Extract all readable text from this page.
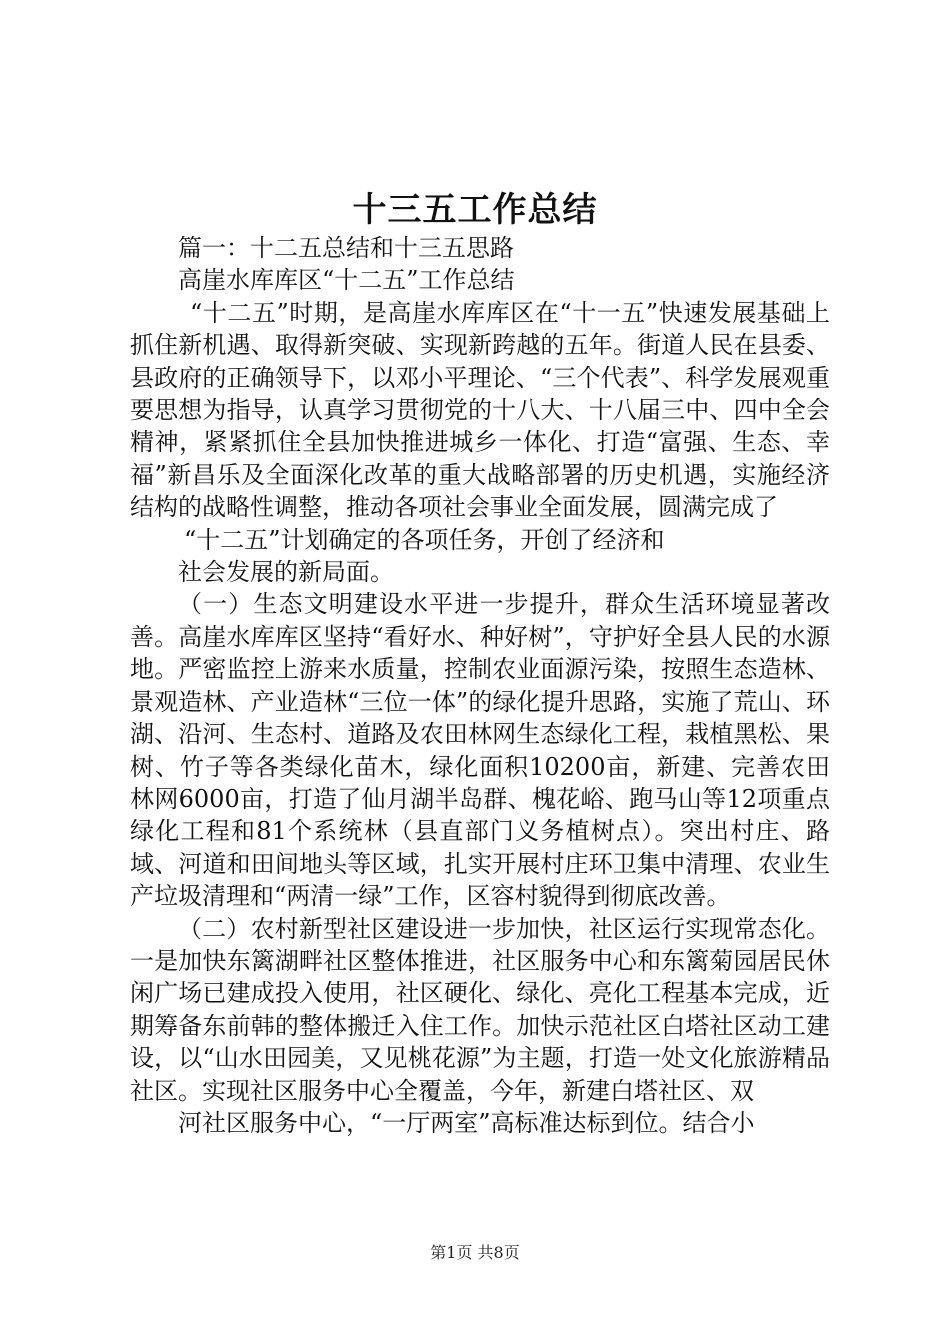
十三五工作总结

篇一：十二五总结和十三五思路

高崖水库库区“十二五”工作总结

“十二五”时期，是高崖水库库区在“十一五”快速发展基础上抓住新机遇、取得新突破、实现新跨越的五年。街道人民在县委、县政府的正确领导下，以邓小平理论、“三个代表”、科学发展观重要思想为指导，认真学习贯彻党的十八大、十八届三中、四中全会精神，紧紧抓住全县加快推进城乡一体化、打造“富强、生态、幸福”新昌乐及全面深化改革的重大战略部署的历史机遇，实施经济结构的战略性调整，推动各项社会事业全面发展，圆满完成了

“十二五”计划确定的各项任务，开创了经济和

社会发展的新局面。

（一）生态文明建设水平进一步提升，群众生活环境显著改善。高崖水库库区坚持“看好水、种好树”，守护好全县人民的水源地。严密监控上游来水质量，控制农业面源污染，按照生态造林、景观造林、产业造林“三位一体”的绿化提升思路，实施了荒山、环湖、沿河、生态村、道路及农田林网生态绿化工程，栽植黑松、果树、竹子等各类绿化苗木，绿化面积10200亩，新建、完善农田林网6000亩，打造了仙月湖半岛群、槐花峪、跑马山等12项重点绿化工程和81个系统林（县直部门义务植树点）。突出村庄、路域、河道和田间地头等区域，扎实开展村庄环卫集中清理、农业生产垃圾清理和“两清一绿”工作，区容村貌得到彻底改善。

（二）农村新型社区建设进一步加快，社区运行实现常态化。一是加快东篱湖畔社区整体推进，社区服务中心和东篱菊园居民休闲广场已建成投入使用，社区硬化、绿化、亮化工程基本完成，近期筹备东前韩的整体搬迁入住工作。加快示范社区白塔社区动工建设，以“山水田园美，又见桃花源”为主题，打造一处文化旅游精品社区。实现社区服务中心全覆盖，今年，新建白塔社区、双

河社区服务中心，“一厅两室”高标准达标到位。结合小

第1页 共8页
